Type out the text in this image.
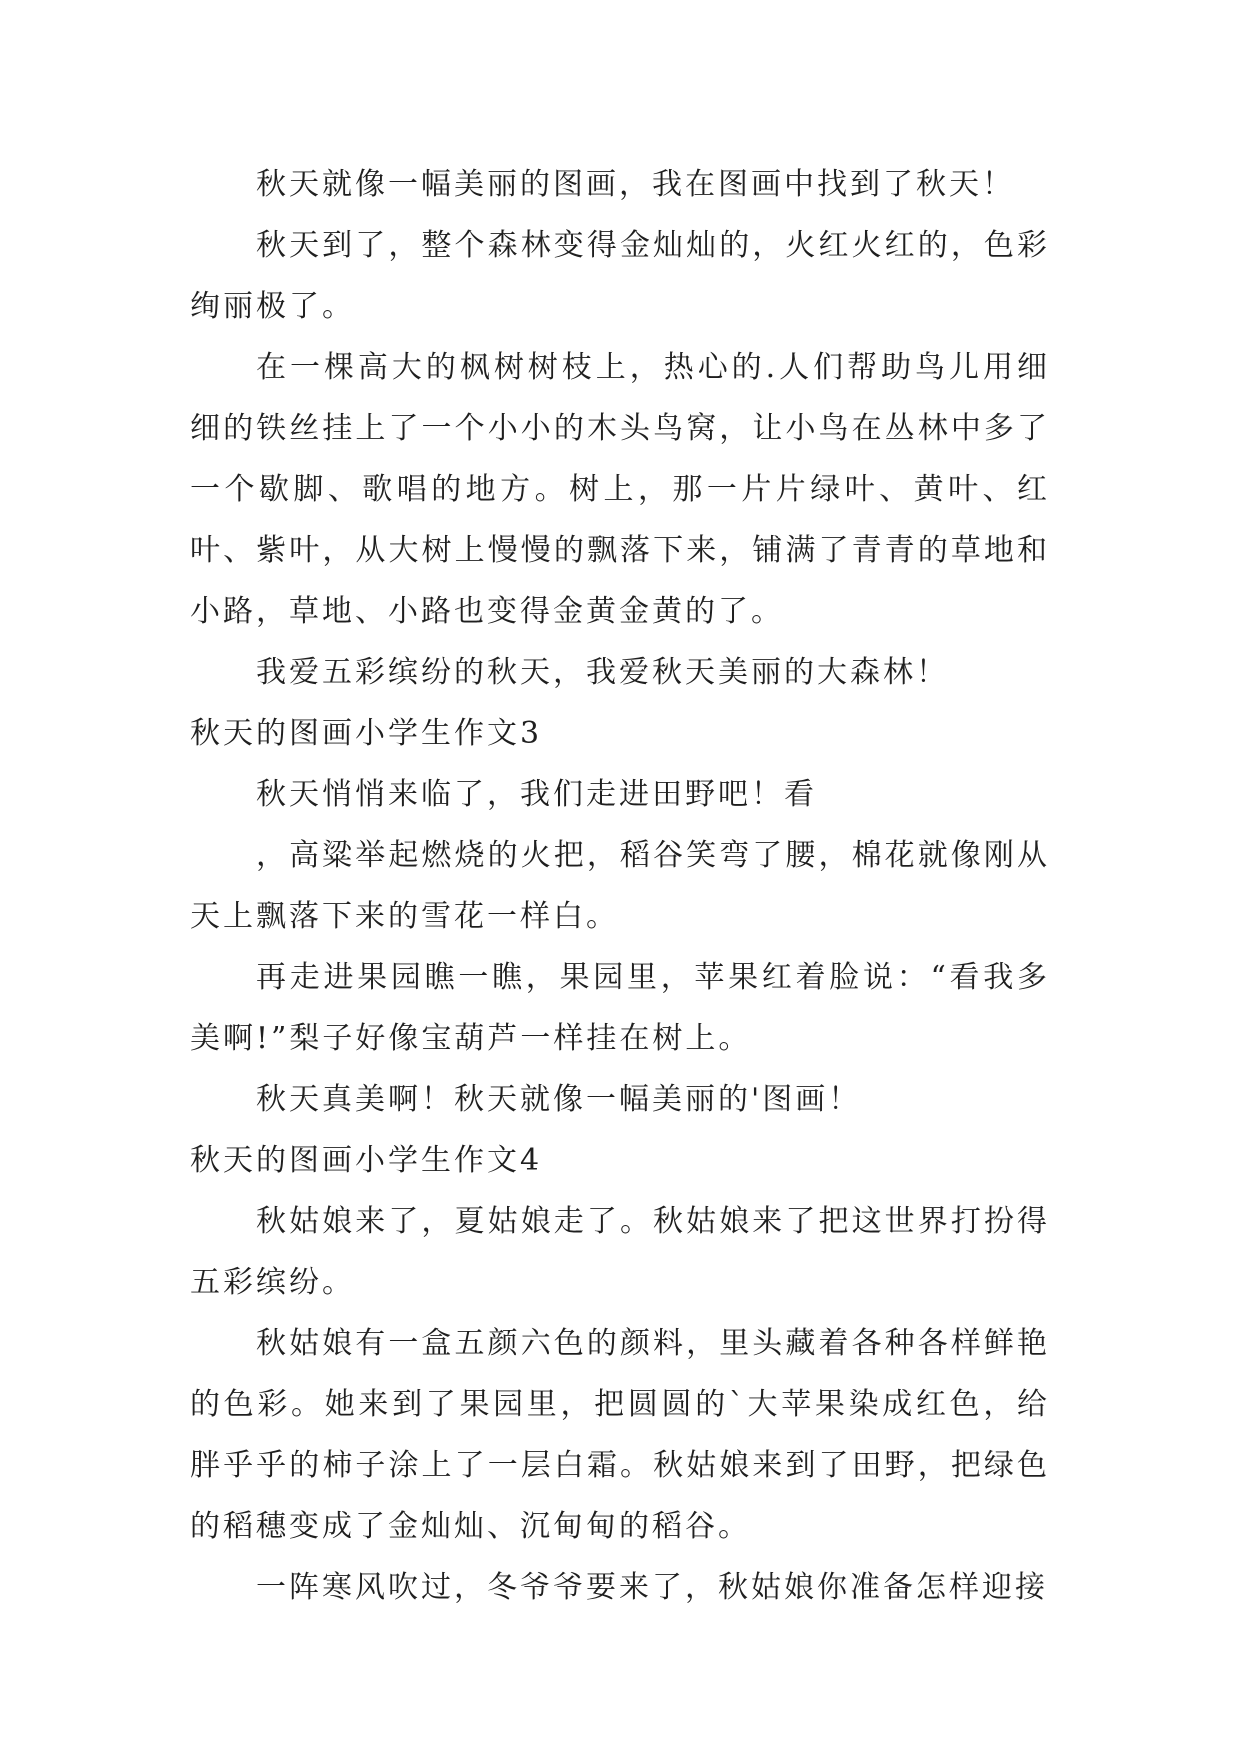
秋天就像一幅美丽的图画，我在图画中找到了秋天！

秋天到了，整个森林变得金灿灿的，火红火红的，色彩绚丽极了。

在一棵高大的枫树树枝上，热心的.人们帮助鸟儿用细细的铁丝挂上了一个小小的木头鸟窝，让小鸟在丛林中多了一个歇脚、歌唱的地方。树上，那一片片绿叶、黄叶、红叶、紫叶，从大树上慢慢的飘落下来，铺满了青青的草地和小路，草地、小路也变得金黄金黄的了。

我爱五彩缤纷的秋天，我爱秋天美丽的大森林！

秋天的图画小学生作文3

秋天悄悄来临了，我们走进田野吧！看

，高粱举起燃烧的火把，稻谷笑弯了腰，棉花就像刚从天上飘落下来的雪花一样白。

再走进果园瞧一瞧，果园里，苹果红着脸说：“看我多美啊!”梨子好像宝葫芦一样挂在树上。

秋天真美啊！秋天就像一幅美丽的'图画！

秋天的图画小学生作文4

秋姑娘来了，夏姑娘走了。秋姑娘来了把这世界打扮得五彩缤纷。

秋姑娘有一盒五颜六色的颜料，里头藏着各种各样鲜艳的色彩。她来到了果园里，把圆圆的`大苹果染成红色，给胖乎乎的柿子涂上了一层白霜。秋姑娘来到了田野，把绿色的稻穗变成了金灿灿、沉甸甸的稻谷。

一阵寒风吹过，冬爷爷要来了，秋姑娘你准备怎样迎接
